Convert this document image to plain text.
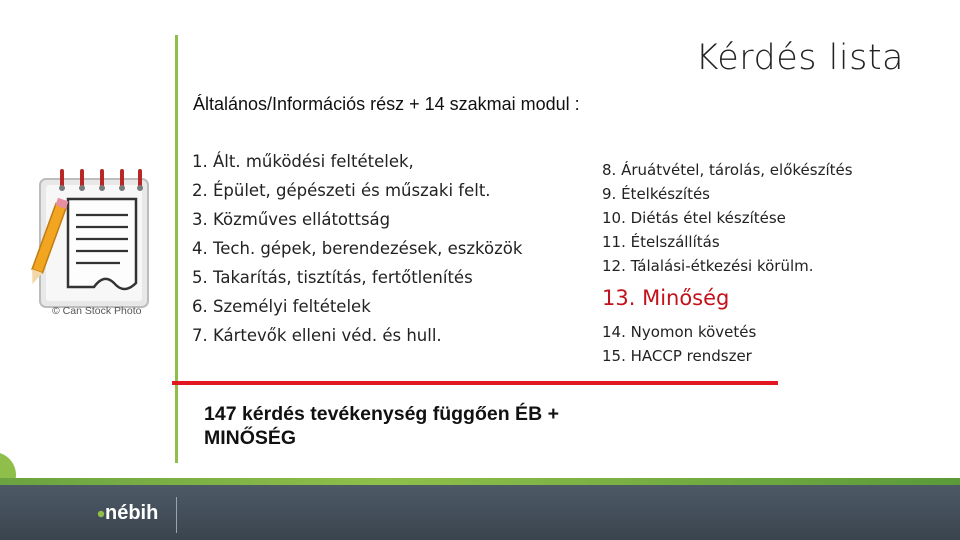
Kérdés lista
Általános/Információs rész + 14 szakmai modul :
© Can Stock Photo
1. Ált. működési feltételek,
2. Épület, gépészeti és műszaki felt.
3. Közműves ellátottság
4. Tech. gépek, berendezések, eszközök
5. Takarítás, tisztítás, fertőtlenítés
6. Személyi feltételek
7. Kártevők elleni véd. és hull.
8. Áruátvétel, tárolás, előkészítés
9. Ételkészítés
10. Diétás étel készítése
11. Ételszállítás
12. Tálalási-étkezési körülm.
13. Minőség
14. Nyomon követés
15. HACCP rendszer
147 kérdés tevékenység függően ÉB +
MINŐSÉG
nébih
